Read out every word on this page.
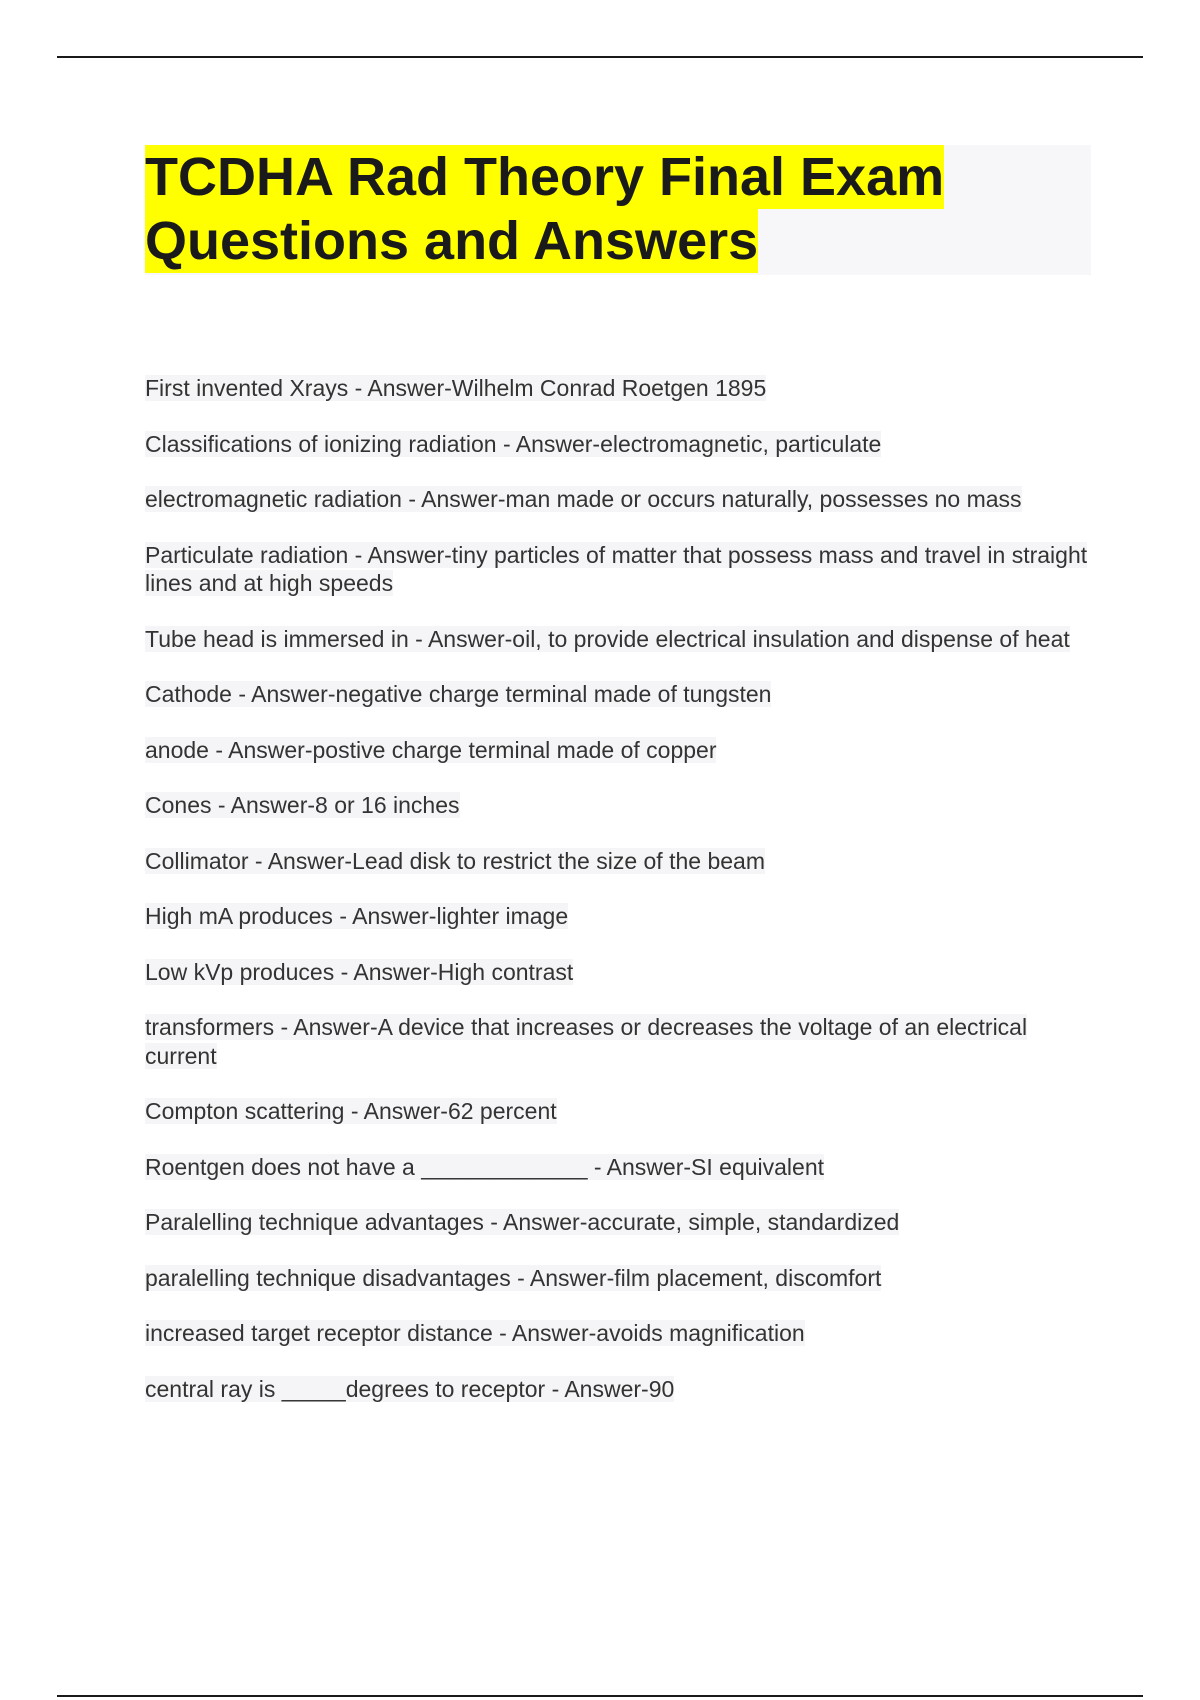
TCDHA Rad Theory Final Exam
Questions and Answers
First invented Xrays - Answer-Wilhelm Conrad Roetgen 1895
Classifications of ionizing radiation - Answer-electromagnetic, particulate
electromagnetic radiation - Answer-man made or occurs naturally, possesses no mass
Particulate radiation - Answer-tiny particles of matter that possess mass and travel in straight lines and at high speeds
Tube head is immersed in - Answer-oil, to provide electrical insulation and dispense of heat
Cathode - Answer-negative charge terminal made of tungsten
anode - Answer-postive charge terminal made of copper
Cones - Answer-8 or 16 inches
Collimator - Answer-Lead disk to restrict the size of the beam
High mA produces - Answer-lighter image
Low kVp produces - Answer-High contrast
transformers - Answer-A device that increases or decreases the voltage of an electrical current
Compton scattering - Answer-62 percent
Roentgen does not have a _____________ - Answer-SI equivalent
Paralelling technique advantages - Answer-accurate, simple, standardized
paralelling technique disadvantages - Answer-film placement, discomfort
increased target receptor distance - Answer-avoids magnification
central ray is _____degrees to receptor - Answer-90
